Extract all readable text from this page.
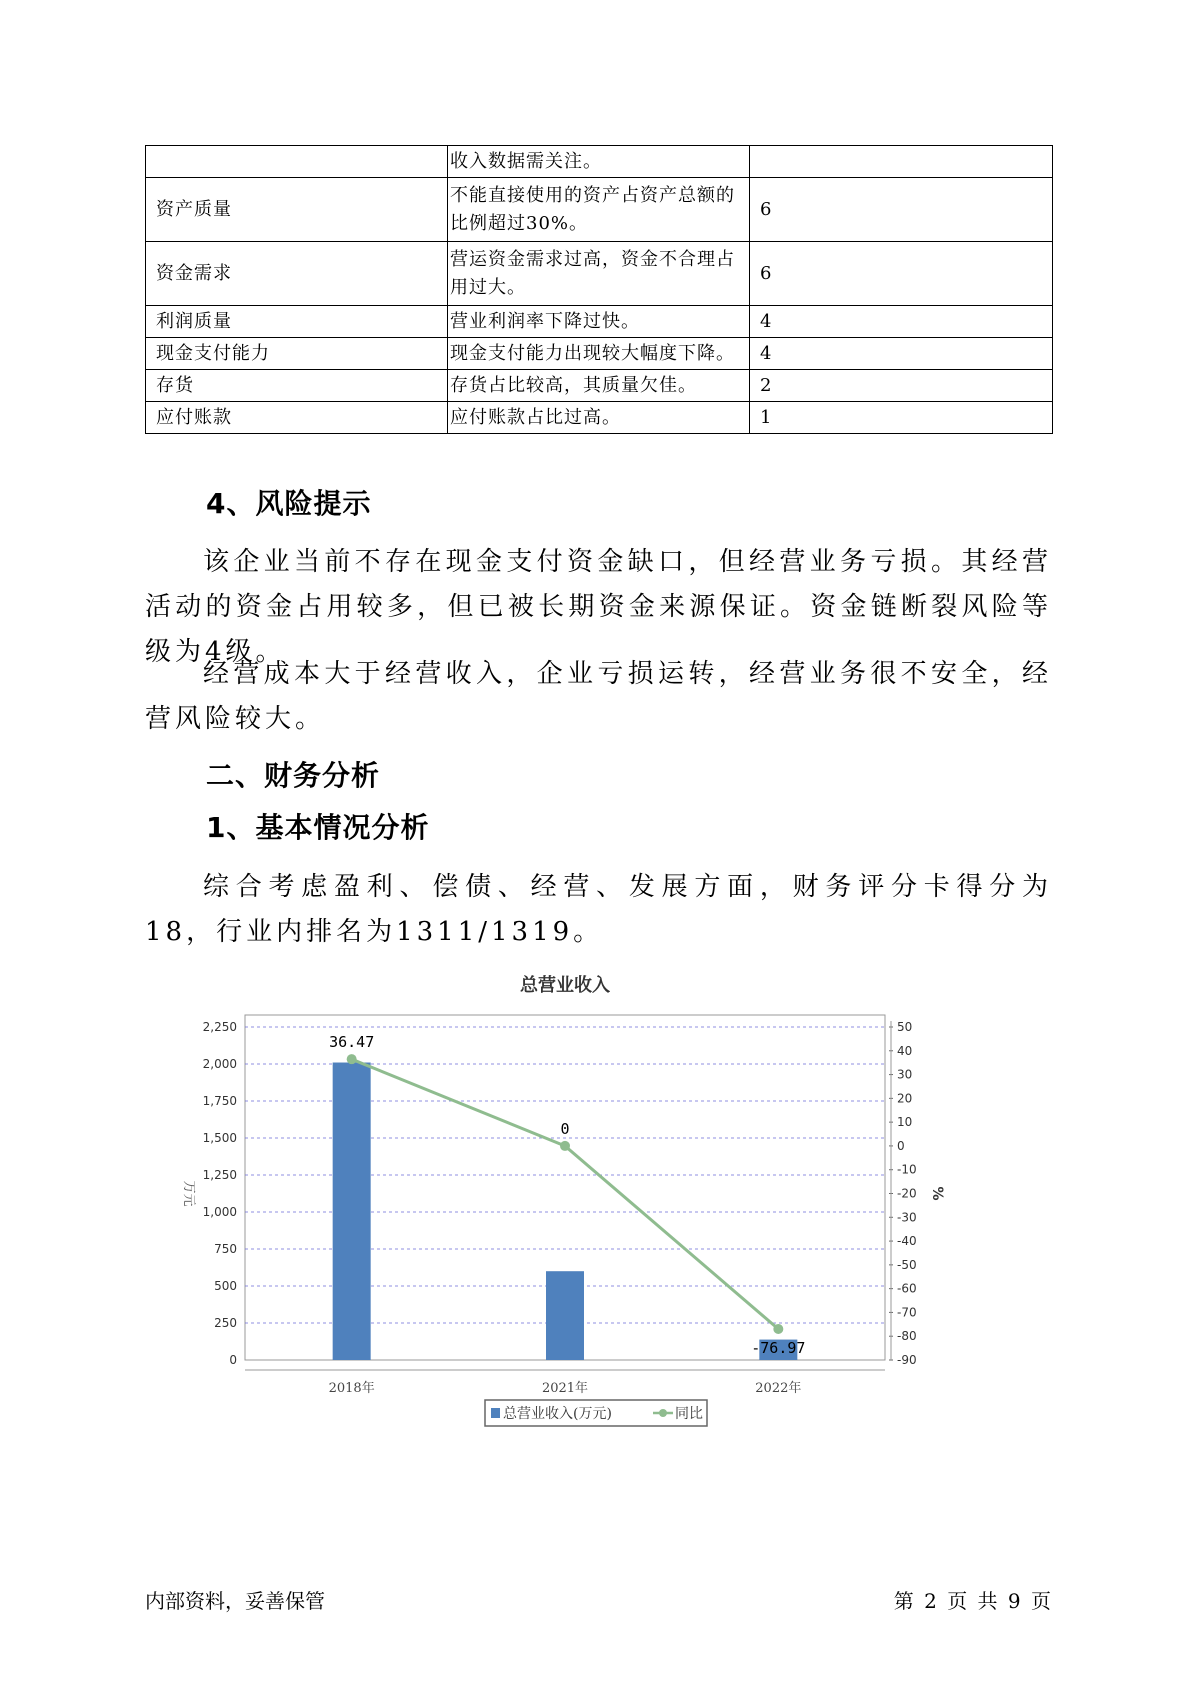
	收入数据需关注。	
资产质量	不能直接使用的资产占资产总额的比例超过30%。	6
资金需求	营运资金需求过高，资金不合理占用过大。	6
利润质量	营业利润率下降过快。	4
现金支付能力	现金支付能力出现较大幅度下降。	4
存货	存货占比较高，其质量欠佳。	2
应付账款	应付账款占比过高。	1
4、风险提示
该企业当前不存在现金支付资金缺口，但经营业务亏损。其经营活动的资金占用较多，但已被长期资金来源保证。资金链断裂风险等级为4级。
经营成本大于经营收入，企业亏损运转，经营业务很不安全，经营风险较大。
二、财务分析
1、基本情况分析
综合考虑盈利、偿债、经营、发展方面，财务评分卡得分为18，行业内排名为1311/1319。
总营业收入
0
250
500
750
1,000
1,250
1,500
1,750
2,000
2,250	50
40
30
20
10
0
-10
-20
-30
-40
-50
-60
-70
-80
-90
万元	%
2018年	2021年	2022年
36.47
0
-76.97
总营业收入(万元)	同比
内部资料，妥善保管	第 2 页 共 9 页
